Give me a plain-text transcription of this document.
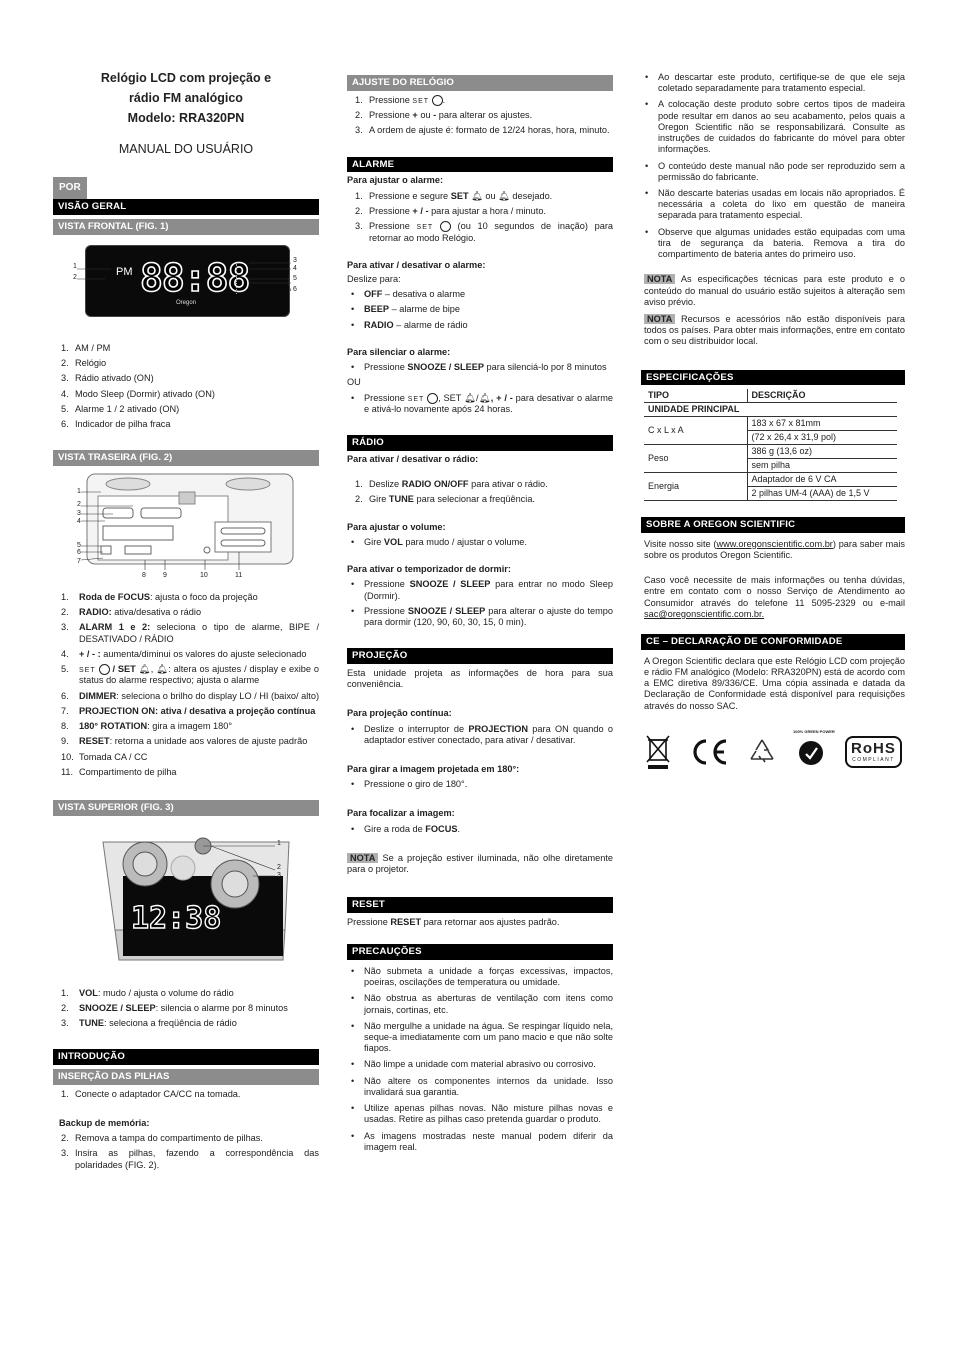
Relógio LCD com projeção e
rádio FM analógico
Modelo: RRA320PN
MANUAL DO USUÁRIO
POR
VISÃO GERAL
VISTA FRONTAL (FIG. 1)
PM 88:88
Oregon
1
2
3
4
5
6
1. AM / PM
2. Relógio
3. Rádio ativado (ON)
4. Modo Sleep (Dormir) ativado (ON)
5. Alarme 1 / 2 ativado (ON)
6. Indicador de pilha fraca
VISTA TRASEIRA (FIG. 2)
1
2
3
4
5
6
7
8 9	10	11
1. Roda de FOCUS: ajusta o foco da projeção
2. RADIO: ativa/desativa o rádio
3. ALARM 1 e 2: seleciona o tipo de alarme, BIPE / DESATIVADO / RÁDIO
4. + / - : aumenta/diminui os valores do ajuste selecionado
5. SET / SET 🔔︎, 🔔︎: altera os ajustes / display e exibe o status do alarme respectivo; ajusta o alarme
6. DIMMER: seleciona o brilho do display LO / HI (baixo/ alto)
7. PROJECTION ON: ativa / desativa a projeção contínua
8. 180° ROTATION: gira a imagem 180°
9. RESET: retorna a unidade aos valores de ajuste padrão
10. Tomada CA / CC
11. Compartimento de pilha
VISTA SUPERIOR (FIG. 3)
12:38
1
2
3
1. VOL: mudo / ajusta o volume do rádio
2. SNOOZE / SLEEP: silencia o alarme por 8 minutos
3. TUNE: seleciona a freqüência de rádio
INTRODUÇÃO
INSERÇÃO DAS PILHAS
1. Conecte o adaptador CA/CC na tomada.
Backup de memória:
2. Remova a tampa do compartimento de pilhas.
3. Insira as pilhas, fazendo a correspondência das polaridades (FIG. 2).
AJUSTE DO RELÓGIO
1. Pressione SET .
2. Pressione + ou - para alterar os ajustes.
3. A ordem de ajuste é: formato de 12/24 horas, hora, minuto.
ALARME
Para ajustar o alarme:
1. Pressione e segure SET 🔔︎ ou 🔔︎ desejado.
2. Pressione + / - para ajustar a hora / minuto.
3. Pressione SET	(ou 10 segundos de inação) para retornar ao modo Relógio.
Para ativar / desativar o alarme:
Deslize para:
• OFF – desativa o alarme
• BEEP – alarme de bipe
• RADIO – alarme de rádio
Para silenciar o alarme:
• Pressione SNOOZE / SLEEP para silenciá-lo por 8 minutos
OU
• Pressione SET , SET 🔔︎/🔔︎, + / - para desativar o alarme e ativá-lo novamente após 24 horas.
RÁDIO
Para ativar / desativar o rádio:
1. Deslize RADIO ON/OFF para ativar o rádio.
2. Gire TUNE para selecionar a freqüência.
Para ajustar o volume:
• Gire VOL para mudo / ajustar o volume.
Para ativar o temporizador de dormir:
• Pressione SNOOZE / SLEEP para entrar no modo Sleep (Dormir).
• Pressione SNOOZE / SLEEP para alterar o ajuste do tempo para dormir (120, 90, 60, 30, 15, 0 min).
PROJEÇÃO

Esta unidade projeta as informações de hora para sua conveniência.

Para projeção contínua:
• Deslize o interruptor de PROJECTION para ON quando o adaptador estiver conectado, para ativar / desativar.
Para girar a imagem projetada em 180°:
• Pressione o giro de 180°.
Para focalizar a imagem:
• Gire a roda de FOCUS.

NOTA Se a projeção estiver iluminada, não olhe diretamente para o projetor.

RESET

Pressione RESET para retornar aos ajustes padrão.

PRECAUÇÕES
• Não submeta a unidade a forças excessivas, impactos, poeiras, oscilações de temperatura ou umidade.
• Não obstrua as aberturas de ventilação com itens como jornais, cortinas, etc.
• Não mergulhe a unidade na água. Se respingar líquido nela, seque-a imediatamente com um pano macio e que não solte fiapos.
• Não limpe a unidade com material abrasivo ou corrosivo.
• Não altere os componentes internos da unidade. Isso invalidará sua garantia.
• Utilize apenas pilhas novas. Não misture pilhas novas e usadas. Retire as pilhas caso pretenda guardar o produto.
• As imagens mostradas neste manual podem diferir da imagem real.
• Ao descartar este produto, certifique-se de que ele seja coletado separadamente para tratamento especial.
• A colocação deste produto sobre certos tipos de madeira pode resultar em danos ao seu acabamento, pelos quais a Oregon Scientific não se responsabilizará. Consulte as instruções de cuidados do fabricante do móvel para obter informações.
• O conteúdo deste manual não pode ser reproduzido sem a permissão do fabricante.
• Não descarte baterias usadas em locais não apropriados. É necessária a coleta do lixo em questão de maneira separada para tratamento especial.
• Observe que algumas unidades estão equipadas com uma tira de segurança da bateria. Remova a tira do compartimento de bateria antes do primeiro uso.

NOTA As especificações técnicas para este produto e o conteúdo do manual do usuário estão sujeitos à alteração sem aviso prévio.

NOTA Recursos e acessórios não estão disponíveis para todos os países. Para obter mais informações, entre em contato com o seu distribuidor local.

ESPECIFICAÇÕES
TIPO	DESCRIÇÃO
UNIDADE PRINCIPAL	
C x L x A	183 x 67 x 81mm
(72 x 26,4 x 31,9 pol)

Peso	386 g (13,6 oz)
sem pilha

Energia	Adaptador de 6 V CA
2 pilhas UM-4 (AAA) de 1,5 V
SOBRE A OREGON SCIENTIFIC

Visite nosso site (www.oregonscientific.com.br) para saber mais sobre os produtos Oregon Scientific.

Caso você necessite de mais informações ou tenha dúvidas, entre em contato com o nosso Serviço de Atendimento ao Consumidor através do telefone 11 5095-2329 ou e-mail sac@oregonscientific.com.br.

CE – DECLARAÇÃO DE CONFORMIDADE

A Oregon Scientific declara que este Relógio LCD com projeção e rádio FM analógico (Modelo: RRA320PN) está de acordo com a EMC diretiva 89/336/CE. Uma cópia assinada e datada da Declaração de Conformidade está disponível para requisições através do nosso SAC.

100% GREEN POWER
RoHS
COMPLIANT
